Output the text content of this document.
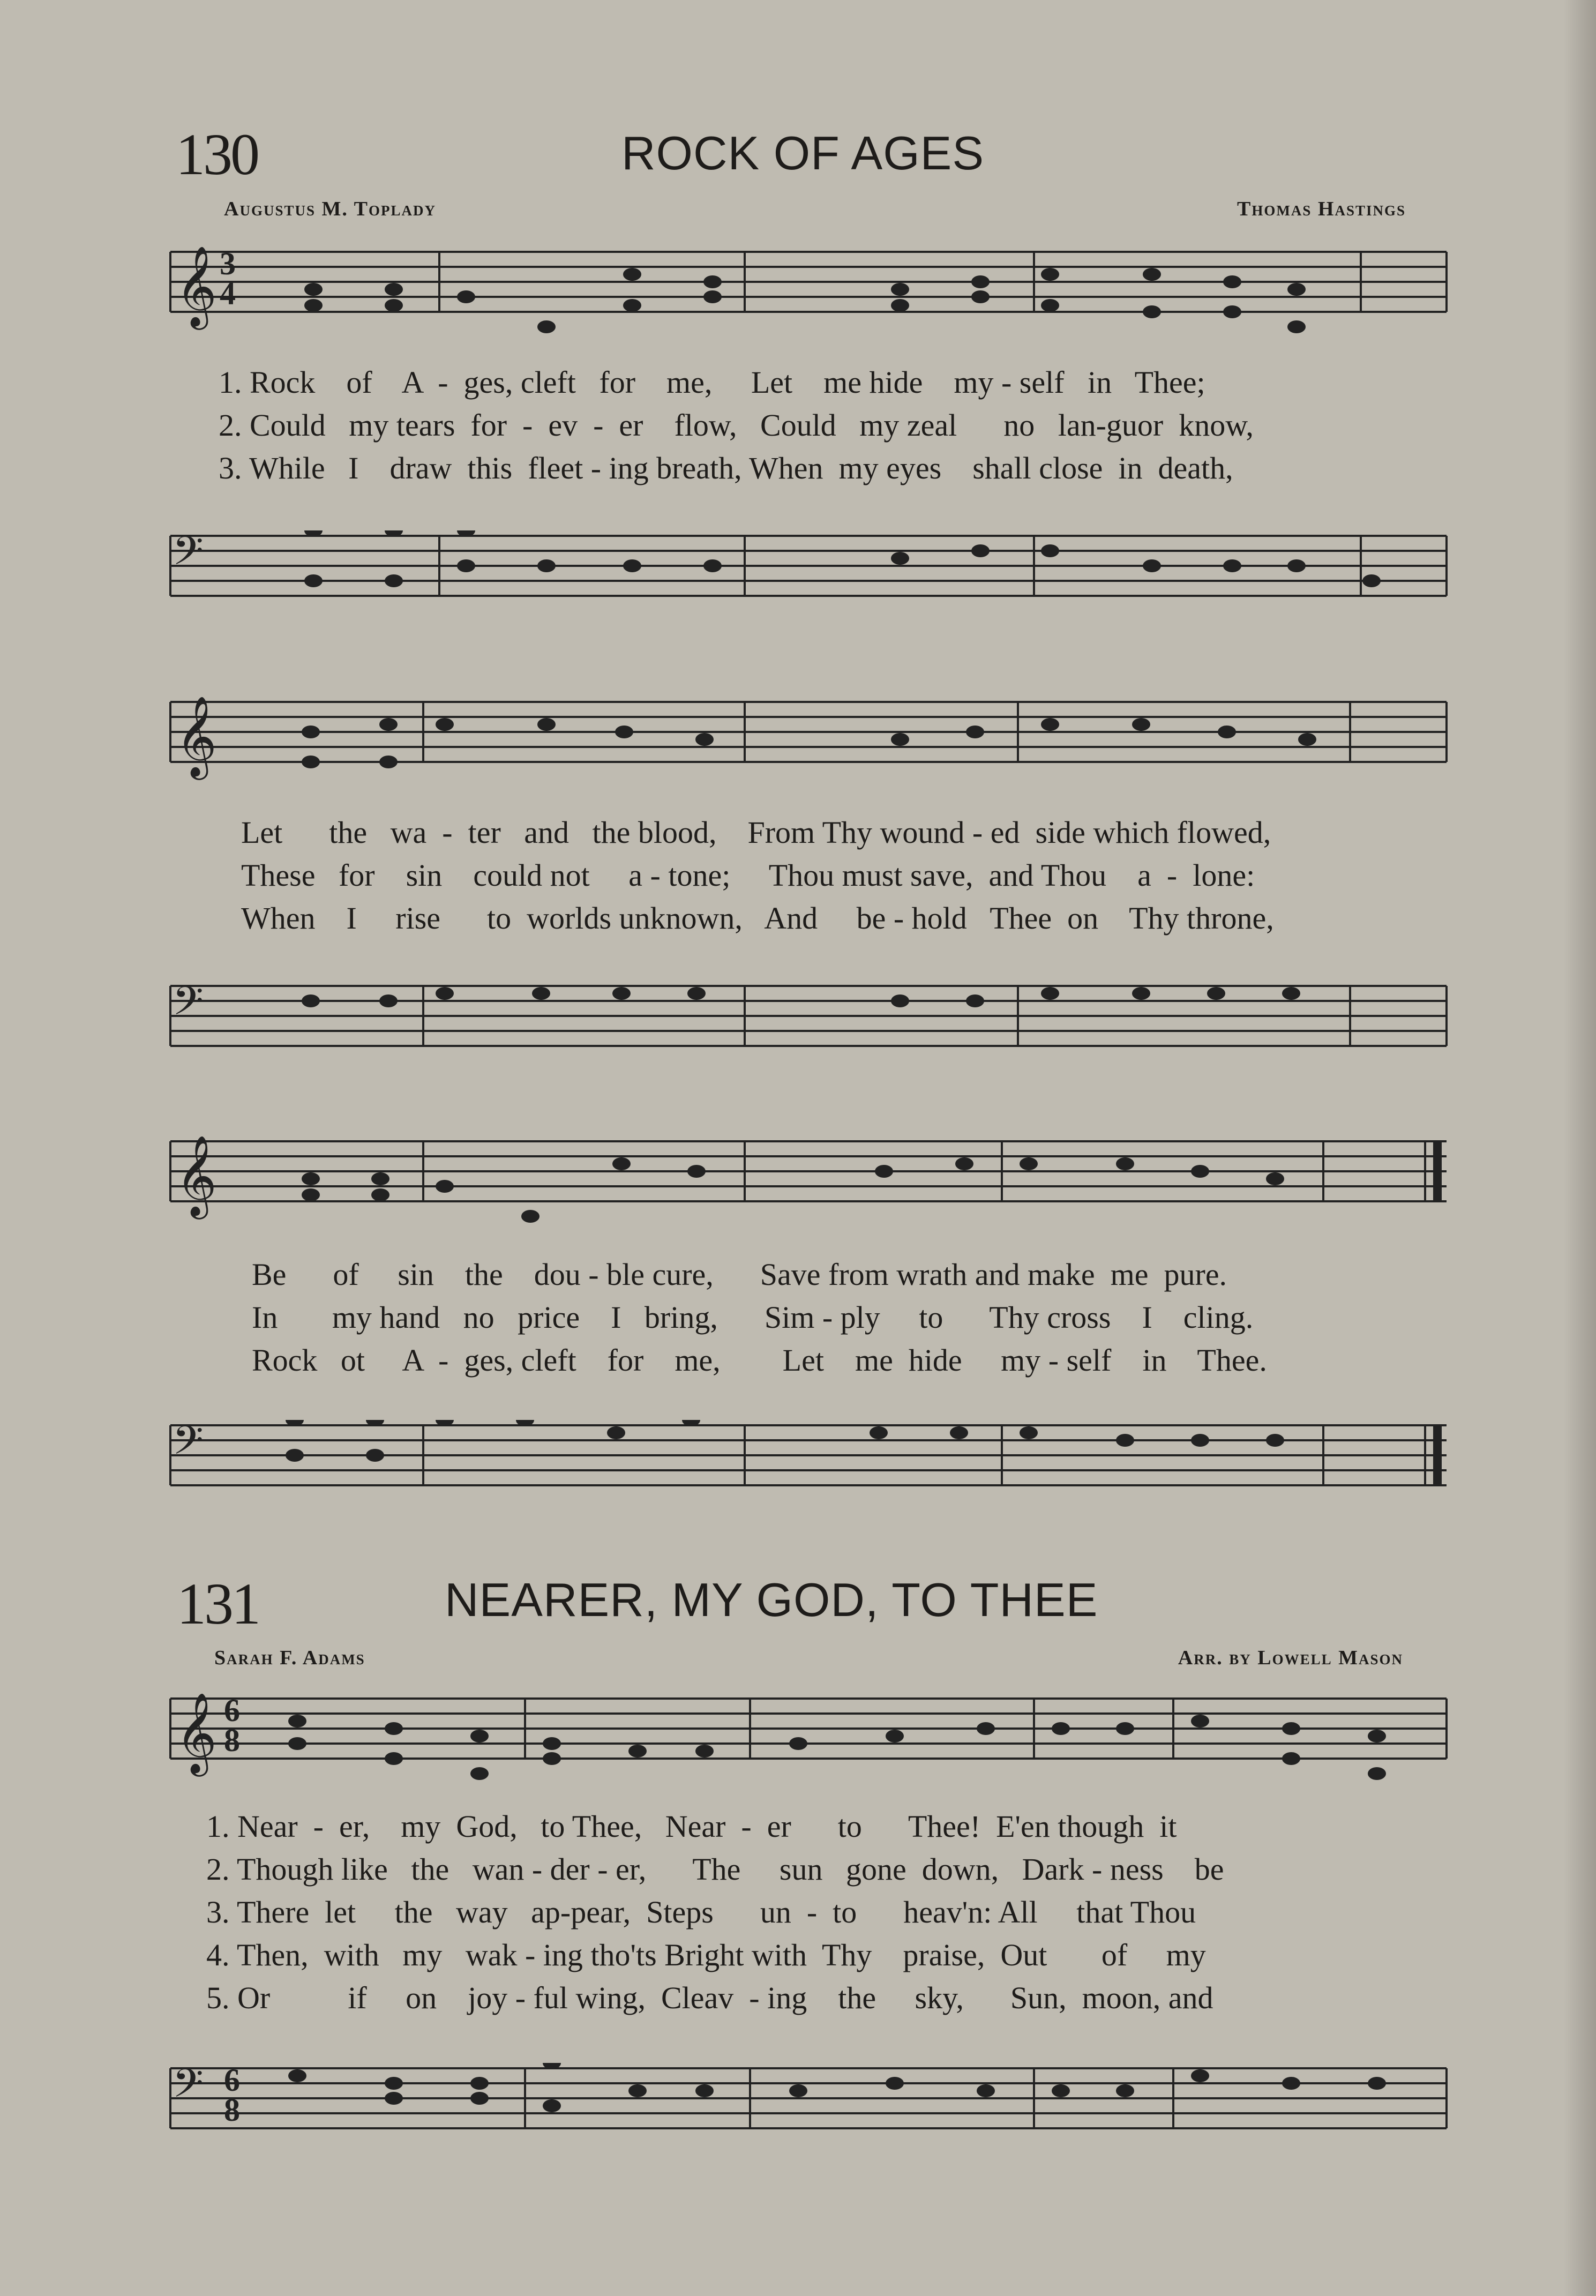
130	ROCK OF AGES
Augustus M. Toplady	Thomas Hastings
𝄞 3
4
1. Rock    of    A  -  ges, cleft   for    me,     Let    me hide    my - self   in   Thee;
2. Could   my tears  for  -  ev  -  er    flow,   Could   my zeal      no   lan-guor  know,
3. While   I    draw  this  fleet - ing breath, When  my eyes    shall close  in  death,
𝄢
𝄞
Let      the   wa  -  ter   and   the blood,    From Thy wound - ed  side which flowed,
These   for    sin    could not     a - tone;     Thou must save,  and Thou    a  -  lone:
When    I     rise      to  worlds unknown,   And     be - hold   Thee  on    Thy throne,
𝄢
𝄞
Be      of     sin    the    dou - ble cure,      Save from wrath and make  me  pure.
In       my hand   no   price    I   bring,      Sim - ply     to      Thy cross    I    cling.
Rock   ot     A  -  ges, cleft    for    me,        Let    me  hide     my - self    in    Thee.
𝄢
131	NEARER, MY GOD, TO THEE
Sarah F. Adams	Arr. by Lowell Mason
𝄞 6
8
1. Near  -  er,    my  God,   to Thee,   Near  -  er      to      Thee!  E'en though  it
2. Though like   the   wan - der - er,      The     sun   gone  down,   Dark - ness    be
3. There  let     the   way   ap-pear,  Steps      un  -  to      heav'n: All     that Thou
4. Then,  with   my   wak - ing tho'ts Bright with  Thy    praise,  Out       of     my
5. Or          if     on    joy - ful wing,  Cleav  - ing    the     sky,      Sun,  moon, and
𝄢 6
8
